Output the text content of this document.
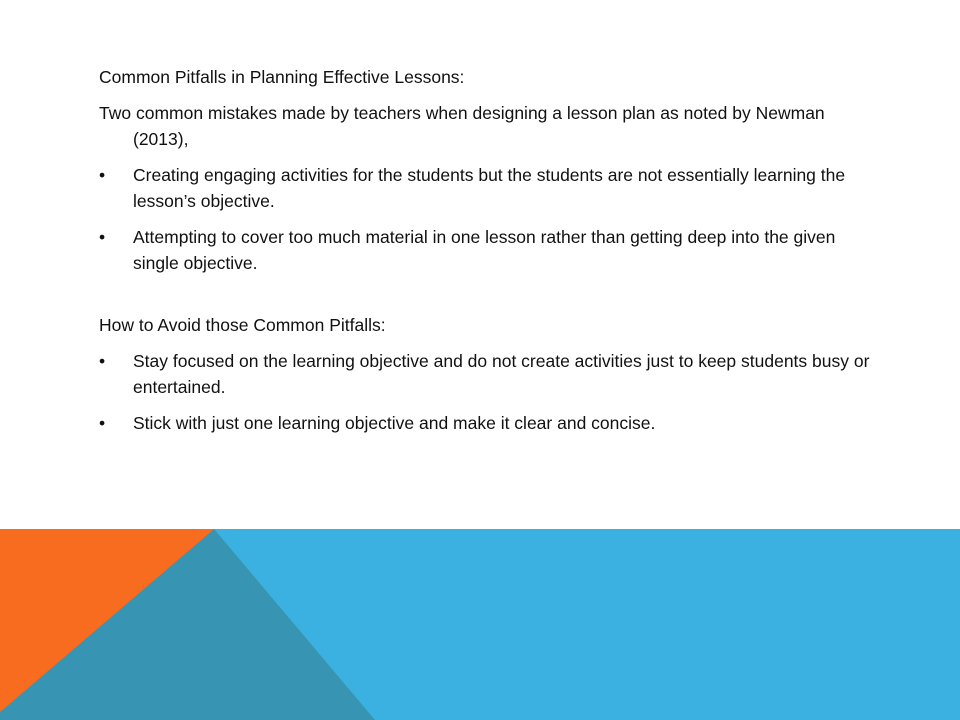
Common Pitfalls in Planning Effective Lessons:

Two common mistakes made by teachers when designing a lesson plan as noted by Newman (2013),

•	Creating engaging activities for the students but the students are not essentially learning the lesson’s objective.
•	Attempting to cover too much material in one lesson rather than getting deep into the given single objective.

How to Avoid those Common Pitfalls:

•	Stay focused on the learning objective and do not create activities just to keep students busy or entertained.
•	Stick with just one learning objective and make it clear and concise.
